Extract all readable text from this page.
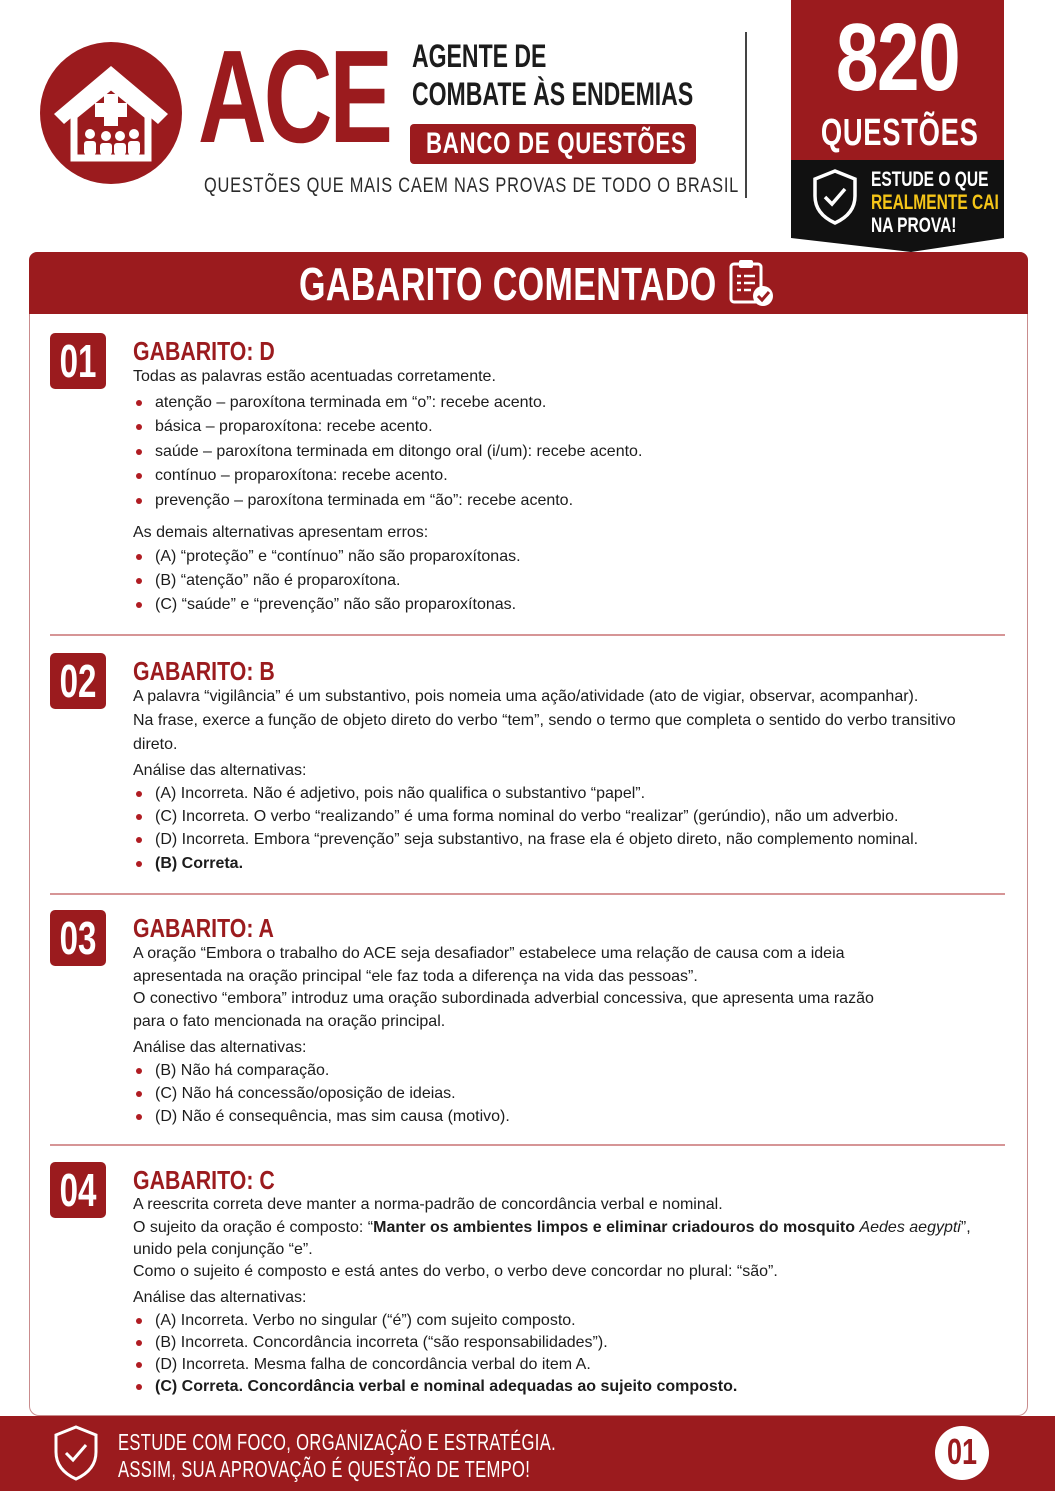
ACE AGENTE DE
COMBATE ÀS ENDEMIAS
BANCO DE QUESTÕES
QUESTÕES QUE MAIS CAEM NAS PROVAS DE TODO O BRASIL
820
QUESTÕES
ESTUDE O QUE
REALMENTE CAI
NA PROVA!
GABARITO COMENTADO
01 GABARITO: D
Todas as palavras estão acentuadas corretamente.
atenção – paroxítona terminada em “o”: recebe acento.
básica – proparoxítona: recebe acento.
saúde – paroxítona terminada em ditongo oral (i/um): recebe acento.
contínuo – proparoxítona: recebe acento.
prevenção – paroxítona terminada em “ão”: recebe acento.
As demais alternativas apresentam erros:
(A) “proteção” e “contínuo” não são proparoxítonas.
(B) “atenção” não é proparoxítona.
(C) “saúde” e “prevenção” não são proparoxítonas.
02 GABARITO: B
A palavra “vigilância” é um substantivo, pois nomeia uma ação/atividade (ato de vigiar, observar, acompanhar).
Na frase, exerce a função de objeto direto do verbo “tem”, sendo o termo que completa o sentido do verbo transitivo
direto.
Análise das alternativas:
(A) Incorreta. Não é adjetivo, pois não qualifica o substantivo “papel”.
(C) Incorreta. O verbo “realizando” é uma forma nominal do verbo “realizar” (gerúndio), não um adverbio.
(D) Incorreta. Embora “prevenção” seja substantivo, na frase ela é objeto direto, não complemento nominal.
(B) Correta.
03 GABARITO: A
A oração “Embora o trabalho do ACE seja desafiador” estabelece uma relação de causa com a ideia
apresentada na oração principal “ele faz toda a diferença na vida das pessoas”.
O conectivo “embora” introduz uma oração subordinada adverbial concessiva, que apresenta uma razão
para o fato mencionada na oração principal.
Análise das alternativas:
(B) Não há comparação.
(C) Não há concessão/oposição de ideias.
(D) Não é consequência, mas sim causa (motivo).
04 GABARITO: C
A reescrita correta deve manter a norma-padrão de concordância verbal e nominal.
O sujeito da oração é composto: “Manter os ambientes limpos e eliminar criadouros do mosquito Aedes aegypti”,
unido pela conjunção “e”.
Como o sujeito é composto e está antes do verbo, o verbo deve concordar no plural: “são”.
Análise das alternativas:
(A) Incorreta. Verbo no singular (“é”) com sujeito composto.
(B) Incorreta. Concordância incorreta (“são responsabilidades”).
(D) Incorreta. Mesma falha de concordância verbal do item A.
(C) Correta. Concordância verbal e nominal adequadas ao sujeito composto.
ESTUDE COM FOCO, ORGANIZAÇÃO E ESTRATÉGIA.
ASSIM, SUA APROVAÇÃO É QUESTÃO DE TEMPO!	01
